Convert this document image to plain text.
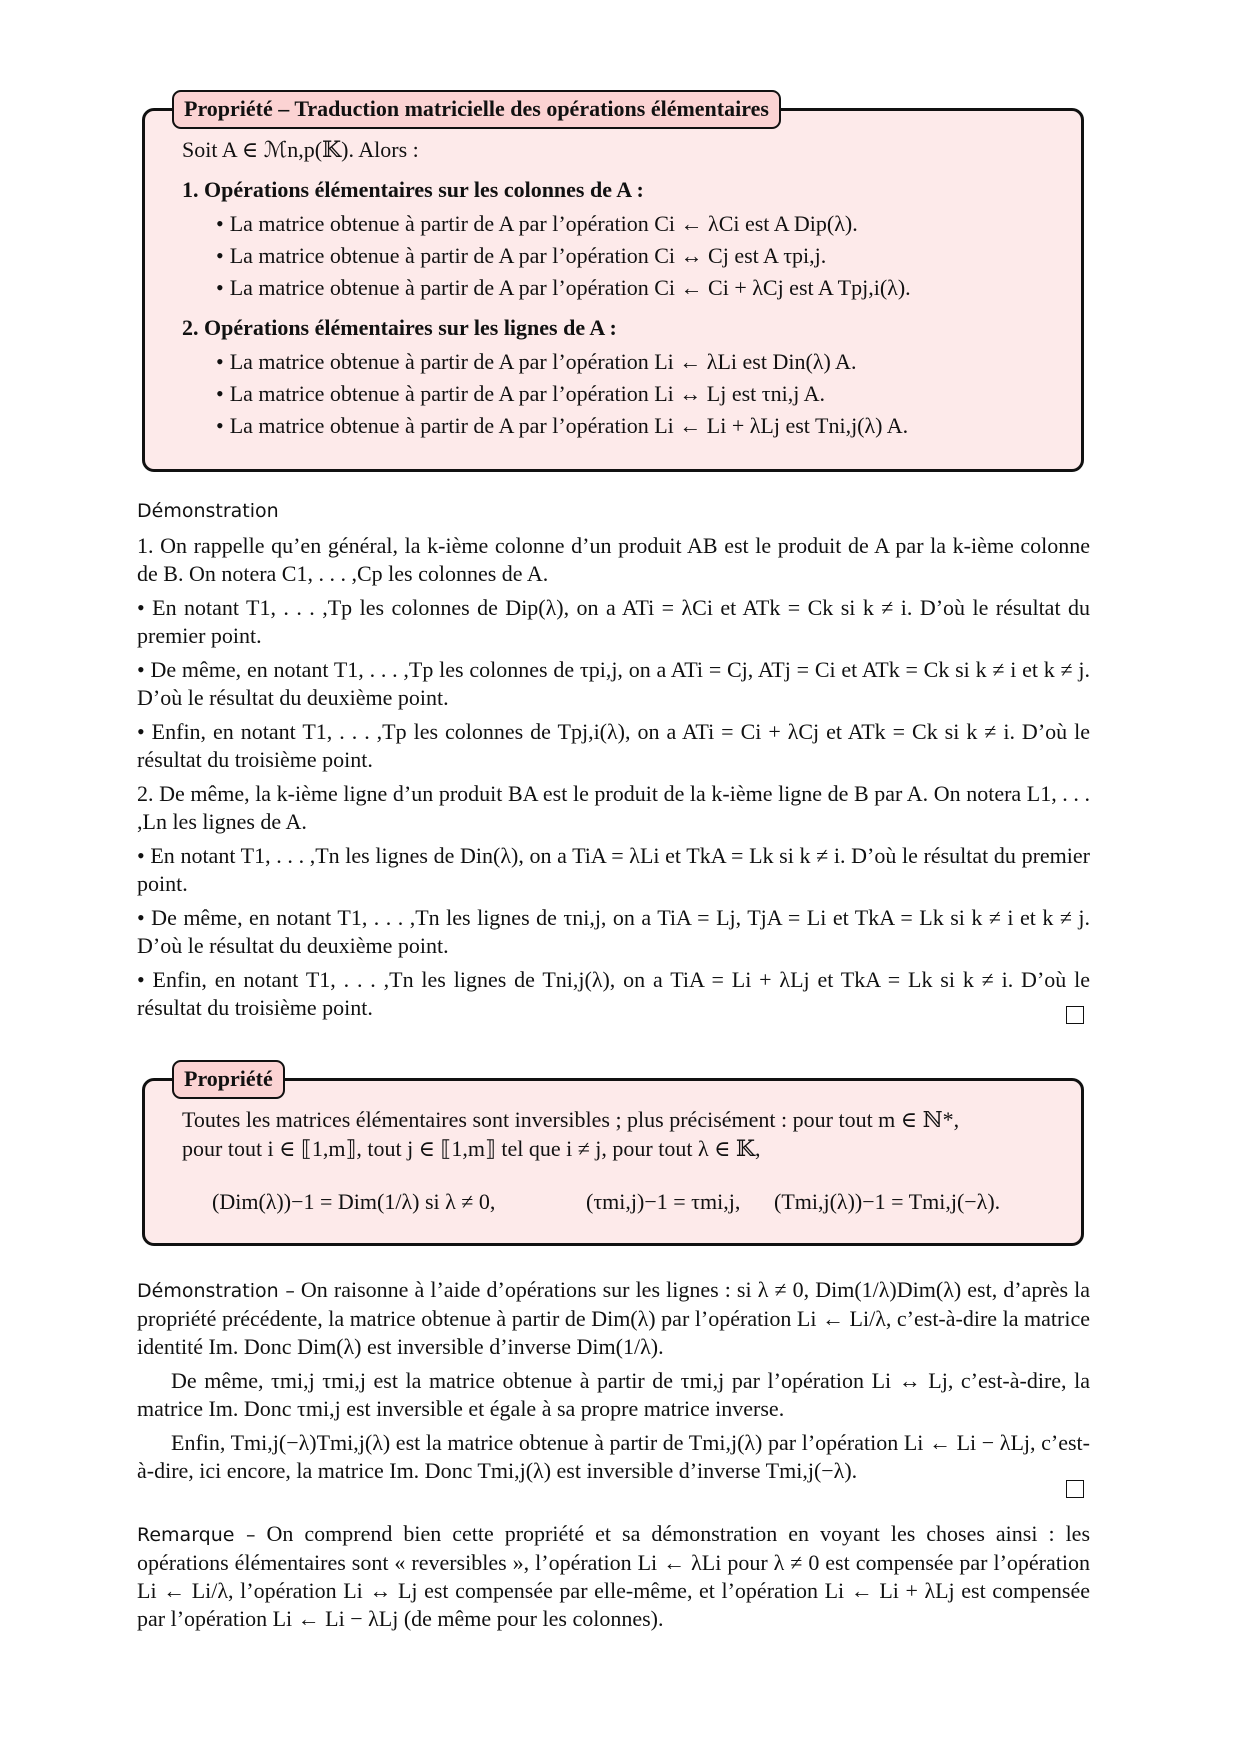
Propriété – Traduction matricielle des opérations élémentaires
Soit A ∈ ℳn,p(𝕂). Alors :
1. Opérations élémentaires sur les colonnes de A :
• La matrice obtenue à partir de A par l’opération Ci ← λCi est A Dip(λ).
• La matrice obtenue à partir de A par l’opération Ci ↔ Cj est A τpi,j.
• La matrice obtenue à partir de A par l’opération Ci ← Ci + λCj est A Tpj,i(λ).
2. Opérations élémentaires sur les lignes de A :
• La matrice obtenue à partir de A par l’opération Li ← λLi est Din(λ) A.
• La matrice obtenue à partir de A par l’opération Li ↔ Lj est τni,j A.
• La matrice obtenue à partir de A par l’opération Li ← Li + λLj est Tni,j(λ) A.
Démonstration
1. On rappelle qu’en général, la k-ième colonne d’un produit AB est le produit de A par la k-ième colonne de B. On notera C1, . . . ,Cp les colonnes de A.
• En notant T1, . . . ,Tp les colonnes de Dip(λ), on a ATi = λCi et ATk = Ck si k ≠ i. D’où le résultat du premier point.
• De même, en notant T1, . . . ,Tp les colonnes de τpi,j, on a ATi = Cj, ATj = Ci et ATk = Ck si k ≠ i et k ≠ j. D’où le résultat du deuxième point.
• Enfin, en notant T1, . . . ,Tp les colonnes de Tpj,i(λ), on a ATi = Ci + λCj et ATk = Ck si k ≠ i. D’où le résultat du troisième point.
2. De même, la k-ième ligne d’un produit BA est le produit de la k-ième ligne de B par A. On notera L1, . . . ,Ln les lignes de A.
• En notant T1, . . . ,Tn les lignes de Din(λ), on a TiA = λLi et TkA = Lk si k ≠ i. D’où le résultat du premier point.
• De même, en notant T1, . . . ,Tn les lignes de τni,j, on a TiA = Lj, TjA = Li et TkA = Lk si k ≠ i et k ≠ j. D’où le résultat du deuxième point.
• Enfin, en notant T1, . . . ,Tn les lignes de Tni,j(λ), on a TiA = Li + λLj et TkA = Lk si k ≠ i. D’où le résultat du troisième point.
Propriété
Toutes les matrices élémentaires sont inversibles ; plus précisément : pour tout m ∈ ℕ*,
pour tout i ∈ ⟦1,m⟧, tout j ∈ ⟦1,m⟧ tel que i ≠ j, pour tout λ ∈ 𝕂,
(Dim(λ))−1 = Dim(1/λ) si λ ≠ 0,	(τmi,j)−1 = τmi,j, (Tmi,j(λ))−1 = Tmi,j(−λ).
Démonstration – On raisonne à l’aide d’opérations sur les lignes : si λ ≠ 0, Dim(1/λ)Dim(λ) est, d’après la propriété précédente, la matrice obtenue à partir de Dim(λ) par l’opération Li ← Li/λ, c’est-à-dire la matrice identité Im. Donc Dim(λ) est inversible d’inverse Dim(1/λ).
De même, τmi,j τmi,j est la matrice obtenue à partir de τmi,j par l’opération Li ↔ Lj, c’est-à-dire, la matrice Im. Donc τmi,j est inversible et égale à sa propre matrice inverse.
Enfin, Tmi,j(−λ)Tmi,j(λ) est la matrice obtenue à partir de Tmi,j(λ) par l’opération Li ← Li − λLj, c’est-à-dire, ici encore, la matrice Im. Donc Tmi,j(λ) est inversible d’inverse Tmi,j(−λ).
Remarque – On comprend bien cette propriété et sa démonstration en voyant les choses ainsi : les opérations élémentaires sont « reversibles », l’opération Li ← λLi pour λ ≠ 0 est compensée par l’opération Li ← Li/λ, l’opération Li ↔ Lj est compensée par elle-même, et l’opération Li ← Li + λLj est compensée par l’opération Li ← Li − λLj (de même pour les colonnes).
